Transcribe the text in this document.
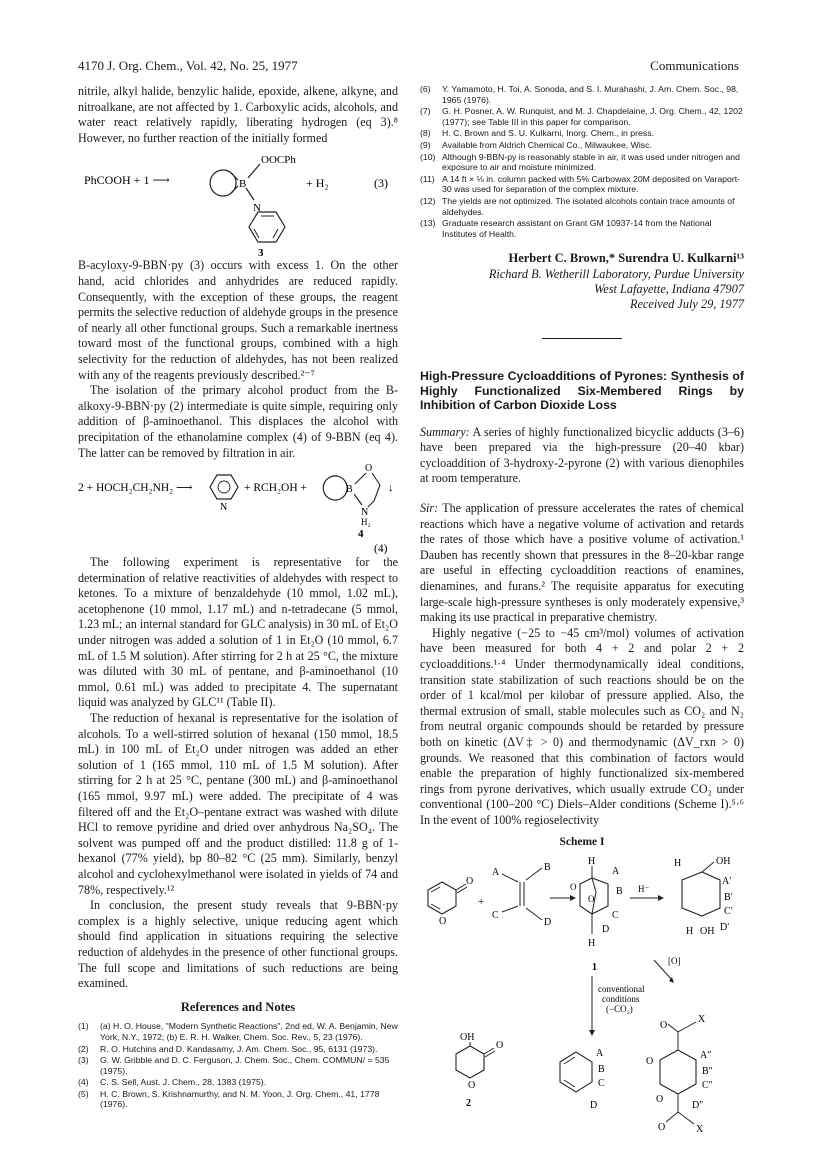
4170 J. Org. Chem., Vol. 42, No. 25, 1977	Communications

nitrile, alkyl halide, benzylic halide, epoxide, alkene, alkyne, and nitroalkane, are not affected by 1. Carboxylic acids, alcohols, and water react relatively rapidly, liberating hydrogen (eq 3).⁸ However, no further reaction of the initially formed

PhCOOH + 1 ⟶	B
OOCPh
N
+ H₂	(3)
3

B-acyloxy-9-BBN·py (3) occurs with excess 1. On the other hand, acid chlorides and anhydrides are reduced rapidly. Consequently, with the exception of these groups, the reagent permits the selective reduction of aldehyde groups in the presence of nearly all other functional groups. Such a remarkable inertness toward most of the functional groups, combined with a high selectivity for the reduction of aldehydes, has not been realized with any of the reagents previously described.²⁻⁷

The isolation of the primary alcohol product from the B-alkoxy-9-BBN·py (2) intermediate is quite simple, requiring only addition of β-aminoethanol. This displaces the alcohol with precipitation of the ethanolamine complex (4) of 9-BBN (eq 4). The latter can be removed by filtration in air.

2 + HOCH₂CH₂NH₂ ⟶
N
+ RCH₂OH +	B
O
N
H₂
↓
4
(4)

The following experiment is representative for the determination of relative reactivities of aldehydes with respect to ketones. To a mixture of benzaldehyde (10 mmol, 1.02 mL), acetophenone (10 mmol, 1.17 mL) and n-tetradecane (5 mmol, 1.23 mL; an internal standard for GLC analysis) in 30 mL of Et₂O under nitrogen was added a solution of 1 in Et₂O (10 mmol, 6.7 mL of 1.5 M solution). After stirring for 2 h at 25 °C, the mixture was diluted with 30 mL of pentane, and β-aminoethanol (10 mmol, 0.61 mL) was added to precipitate 4. The supernatant liquid was analyzed by GLC¹¹ (Table II).

The reduction of hexanal is representative for the isolation of alcohols. To a well-stirred solution of hexanal (150 mmol, 18.5 mL) in 100 mL of Et₂O under nitrogen was added an ether solution of 1 (165 mmol, 110 mL of 1.5 M solution). After stirring for 2 h at 25 °C, pentane (300 mL) and β-aminoethanol (165 mmol, 9.97 mL) were added. The precipitate of 4 was filtered off and the Et₂O–pentane extract was washed with dilute HCl to remove pyridine and dried over anhydrous Na₂SO₄. The solvent was pumped off and the product distilled: 11.8 g of 1-hexanol (77% yield), bp 80–82 °C (25 mm). Similarly, benzyl alcohol and cyclohexylmethanol were isolated in yields of 74 and 78%, respectively.¹²

In conclusion, the present study reveals that 9-BBN·py complex is a highly selective, unique reducing agent which should find application in situations requiring the selective reduction of aldehydes in the presence of other functional groups. The full scope and limitations of such reductions are being examined.

References and Notes
(1)	(a) H. O. House, "Modern Synthetic Reactions", 2nd ed, W. A. Benjamin, New York, N.Y., 1972; (b) E. R. H. Walker, Chem. Soc. Rev., 5, 23 (1976).
(2)	R. O. Hutchins and D. Kandasamy, J. Am. Chem. Soc., 95, 6131 (1973).
(3)	G. W. Gribble and D. C. Ferguson, J. Chem. Soc., Chem. COMMUN/ = 535 (1975).
(4)	C. S. Sell, Aust. J. Chem., 28, 1383 (1975).
(5)	H. C. Brown, S. Krishnamurthy, and N. M. Yoon, J. Org. Chem., 41, 1778 (1976).
(6)	Y. Yamamoto, H. Toi, A. Sonoda, and S. I. Murahashi, J. Am. Chem. Soc., 98, 1965 (1976).
(7)	G. H. Posner, A. W. Runquist, and M. J. Chapdelaine, J. Org. Chem., 42, 1202 (1977); see Table III in this paper for comparison.
(8)	H. C. Brown and S. U. Kulkarni, Inorg. Chem., in press.
(9)	Available from Aldrich Chemical Co., Milwaukee, Wisc.
(10) Although 9-BBN-py is reasonably stable in air, it was used under nitrogen and exposure to air and moisture minimized.
(11) A 14 ft × ⅛ in. column packed with 5% Carbowax 20M deposited on Varaport-30 was used for separation of the complex mixture.
(12) The yields are not optimized. The isolated alcohols contain trace amounts of aldehydes.
(13) Graduate research assistant on Grant GM 10937-14 from the National Institutes of Health.
Herbert C. Brown,* Surendra U. Kulkarni¹³
Richard B. Wetherill Laboratory, Purdue University
West Lafayette, Indiana 47907
Received July 29, 1977
High-Pressure Cycloadditions of Pyrones: Synthesis of Highly Functionalized Six-Membered Rings by Inhibition of Carbon Dioxide Loss
Summary: A series of highly functionalized bicyclic adducts (3–6) have been prepared via the high-pressure (20–40 kbar) cycloaddition of 3-hydroxy-2-pyrone (2) with various dienophiles at room temperature.

Sir: The application of pressure accelerates the rates of chemical reactions which have a negative volume of activation and retards the rates of those which have a positive volume of activation.¹ Dauben has recently shown that pressures in the 8–20-kbar range are useful in effecting cycloaddition reactions of enamines, dienamines, and furans.² The requisite apparatus for executing large-scale high-pressure syntheses is only moderately expensive,³ making its use practical in preparative chemistry.

Highly negative (−25 to −45 cm³/mol) volumes of activation have been measured for both 4 + 2 and polar 2 + 2 cycloadditions.¹·⁴ Under thermodynamically ideal conditions, transition state stabilization of such reactions should be on the order of 1 kcal/mol per kilobar of pressure applied. Also, the thermal extrusion of small, stable molecules such as CO₂ and N₂ from neutral organic compounds should be retarded by pressure both on kinetic (ΔV‡ > 0) and thermodynamic (ΔV_rxn > 0) grounds. We reasoned that this combination of factors would enable the preparation of highly functionalized six-membered rings from pyrone derivatives, which usually extrude CO₂ under conventional (100–200 °C) Diels–Alder conditions (Scheme I).⁵·⁶ In the event of 100% regioselectivity

Scheme I
O
O
+
A	B
C
D
H
O
O
A
B
C
D
H
1
H⁻
H	OH
A′
B′
C′
D′
H OH
conventional
conditions
(−CO₂)
[O]
OH
O
O
2
A
B
C
D
O
X
O
A″
B″
C″
D″
O
O	X
